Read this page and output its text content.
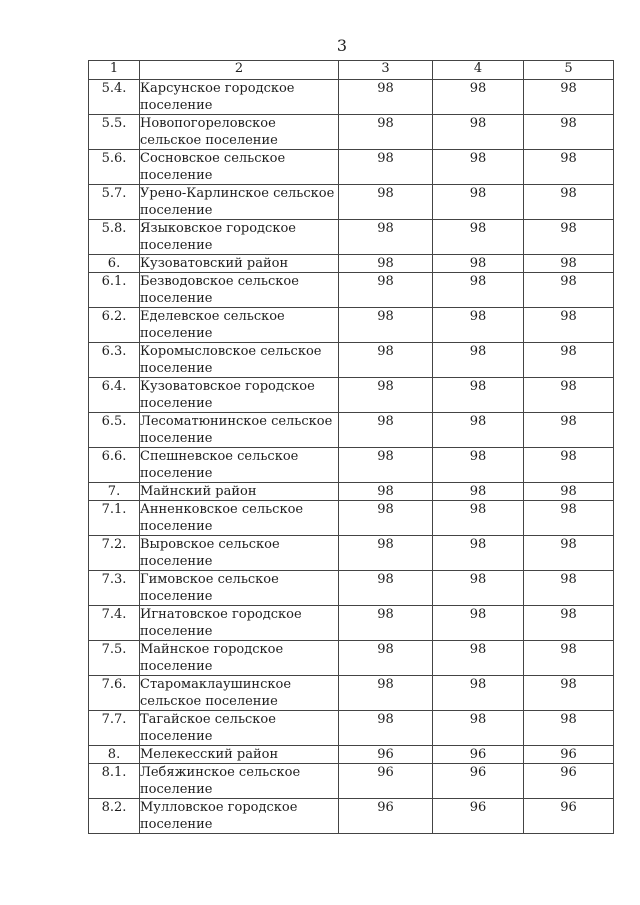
3
1	2	3	4	5
5.4.	Карсунское городское поселение	98	98	98
5.5.	Новопогореловское сельское поселение	98	98	98
5.6.	Сосновское сельское поселение	98	98	98
5.7.	Урено-Карлинское сельское поселение	98	98	98
5.8.	Языковское городское поселение	98	98	98
6.	Кузоватовский район	98	98	98
6.1.	Безводовское сельское поселение	98	98	98
6.2.	Еделевское сельское поселение	98	98	98
6.3.	Коромысловское сельское поселение	98	98	98
6.4.	Кузоватовское городское поселение	98	98	98
6.5.	Лесоматюнинское сельское поселение	98	98	98
6.6.	Спешневское сельское поселение	98	98	98
7.	Майнский район	98	98	98
7.1.	Анненковское сельское поселение	98	98	98
7.2.	Выровское сельское поселение	98	98	98
7.3.	Гимовское сельское поселение	98	98	98
7.4.	Игнатовское городское поселение	98	98	98
7.5.	Майнское городское поселение	98	98	98
7.6.	Старомаклаушинское сельское поселение	98	98	98
7.7.	Тагайское сельское поселение	98	98	98
8.	Мелекесский район	96	96	96
8.1.	Лебяжинское сельское поселение	96	96	96
8.2.	Мулловское городское поселение	96	96	96
